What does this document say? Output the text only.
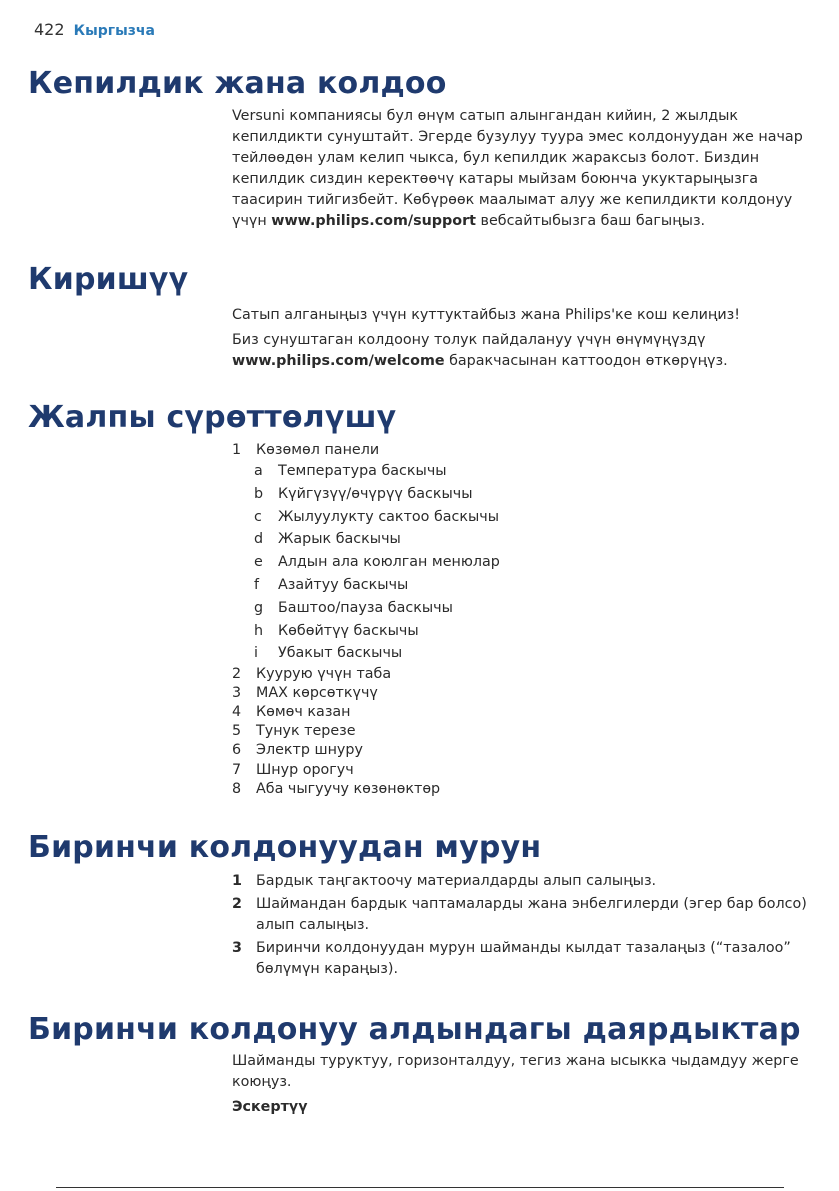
422 Кыргызча
Кепилдик жана колдоо

Versuni компаниясы бул өнүм сатып алынгандан кийин, 2 жылдык кепилдикти сунуштайт. Эгерде бузулуу туура эмес колдонуудан же начар тейлөөдөн улам келип чыкса, бул кепилдик жараксыз болот. Биздин кепилдик сиздин керектөөчү катары мыйзам боюнча укуктарыңызга таасирин тийгизбейт. Көбүрөөк маалымат алуу же кепилдикти колдонуу үчүн www.philips.com/support вебсайтыбызга баш багыңыз.

Киришүү

Сатып алганыңыз үчүн куттуктайбыз жана Philips'ке кош келиңиз!

Биз сунуштаган колдоону толук пайдалануу үчүн өнүмүңүздү www.philips.com/welcome баракчасынан каттоодон өткөрүңүз.

Жалпы сүрөттөлүшү
1 Көзөмөл панели
a Температура баскычы
b Күйгүзүү/өчүрүү баскычы
c Жылуулукту сактоо баскычы
d Жарык баскычы
e Алдын ала коюлган менюлар
f Азайтуу баскычы
g Баштоо/пауза баскычы
h Көбөйтүү баскычы
i Убакыт баскычы
2 Куурую үчүн таба
3 MAX көрсөткүчү
4 Көмөч казан
5 Тунук терезе
6 Электр шнуру
7 Шнур орогуч
8 Аба чыгуучу көзөнөктөр
Биринчи колдонуудан мурун
1 Бардык таңгактоочу материалдарды алып салыңыз.
2 Шаймандан бардык чаптамаларды жана энбелгилерди (эгер бар болсо) алып салыңыз.
3 Биринчи колдонуудан мурун шайманды кылдат тазалаңыз (“тазалоо” бөлүмүн караңыз).
Биринчи колдонуу алдындагы даярдыктар

Шайманды туруктуу, горизонталдуу, тегиз жана ысыкка чыдамдуу жерге коюңуз.

Эскертүү
